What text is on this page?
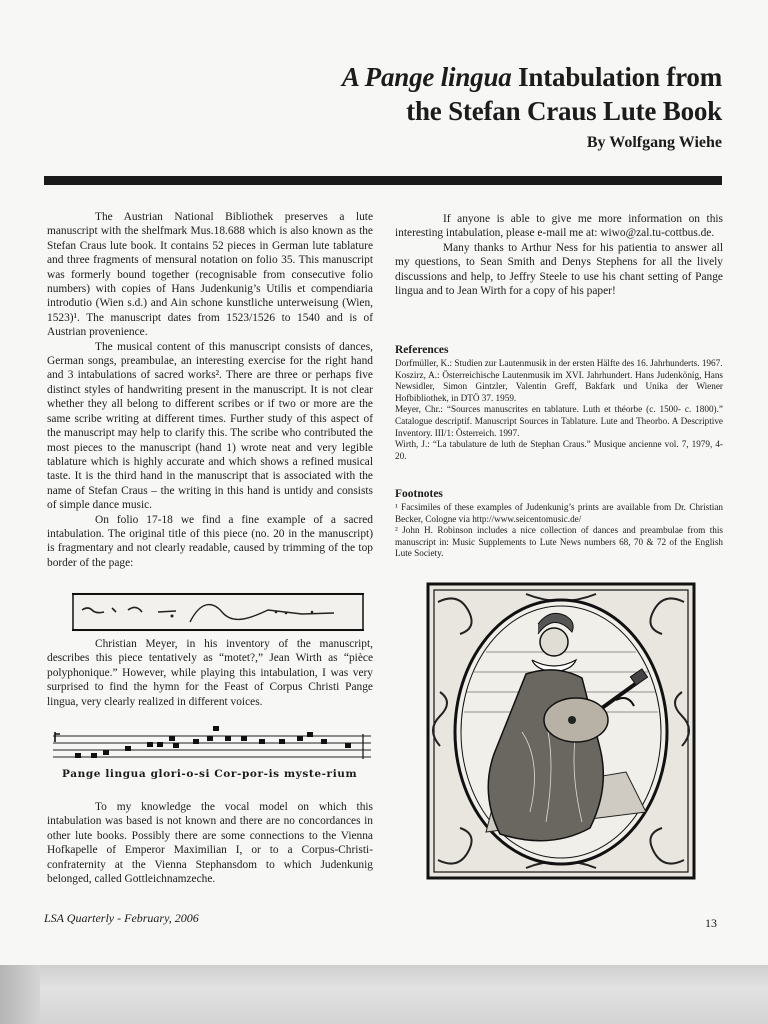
A Pange lingua Intabulation from

the Stefan Craus Lute Book

By Wolfgang Wiehe

The Austrian National Bibliothek preserves a lute manuscript with the shelfmark Mus.18.688 which is also known as the Stefan Craus lute book. It contains 52 pieces in German lute tablature and three fragments of mensural notation on folio 35. This manuscript was formerly bound together (recognisable from consecutive folio numbers) with copies of Hans Judenkunig’s Utilis et compendiaria introdutio (Wien s.d.) and Ain schone kunstliche unterweisung (Wien, 1523)¹. The manuscript dates from 1523/1526 to 1540 and is of Austrian provenience.

The musical content of this manuscript consists of dances, German songs, preambulae, an interesting exercise for the right hand and 3 intabulations of sacred works². There are three or perhaps five distinct styles of handwriting present in the manuscript. It is not clear whether they all belong to different scribes or if two or more are the same scribe writing at different times. Further study of this aspect of the manuscript may help to clarify this. The scribe who contributed the most pieces to the manuscript (hand 1) wrote neat and very legible tablature which is highly accurate and which shows a refined musical taste. It is the third hand in the manuscript that is associated with the name of Stefan Craus – the writing in this hand is untidy and consists of simple dance music.

On folio 17-18 we find a fine example of a sacred intabulation. The original title of this piece (no. 20 in the manuscript) is fragmentary and not clearly readable, caused by trimming of the top border of the page:

Christian Meyer, in his inventory of the manuscript, describes this piece tentatively as “motet?,” Jean Wirth as “pièce polyphonique.” However, while playing this intabulation, I was very surprised to find the hymn for the Feast of Corpus Christi Pange lingua, very clearly realized in different voices.

Pange lingua glori-o-si Cor-por-is myste-rium

To my knowledge the vocal model on which this intabulation was based is not known and there are no concordances in other lute books. Possibly there are some connections to the Vienna Hofkapelle of Emperor Maximilian I, or to a Corpus-Christi-confraternity at the Vienna Stephansdom to which Judenkunig belonged, called Gottleichnamzeche.

If anyone is able to give me more information on this interesting intabulation, please e-mail me at: wiwo@zal.tu-cottbus.de.

Many thanks to Arthur Ness for his patientia to answer all my questions, to Sean Smith and Denys Stephens for all the lively discussions and help, to Jeffry Steele to use his chant setting of Pange lingua and to Jean Wirth for a copy of his paper!

References

Dorfmüller, K.: Studien zur Lautenmusik in der ersten Hälfte des 16. Jahrhunderts. 1967.

Koszirz, A.: Österreichische Lautenmusik im XVI. Jahrhundert. Hans Judenkönig, Hans Newsidler, Simon Gintzler, Valentin Greff, Bakfark und Unika der Wiener Hofbibliothek, in DTÖ 37. 1959.

Meyer, Chr.: “Sources manuscrites en tablature. Luth et théorbe (c. 1500- c. 1800).” Catalogue descriptif. Manuscript Sources in Tablature. Lute and Theorbo. A Descriptive Inventory. III/1: Österreich. 1997.

Wirth, J.: “La tabulature de luth de Stephan Craus.” Musique ancienne vol. 7, 1979, 4-20.

Footnotes

¹ Facsimiles of these examples of Judenkunig’s prints are available from Dr. Christian Becker, Cologne via http://www.seicentomusic.de/

² John H. Robinson includes a nice collection of dances and preambulae from this manuscript in: Music Supplements to Lute News numbers 68, 70 & 72 of the English Lute Society.

LSA Quarterly - February, 2006	13
